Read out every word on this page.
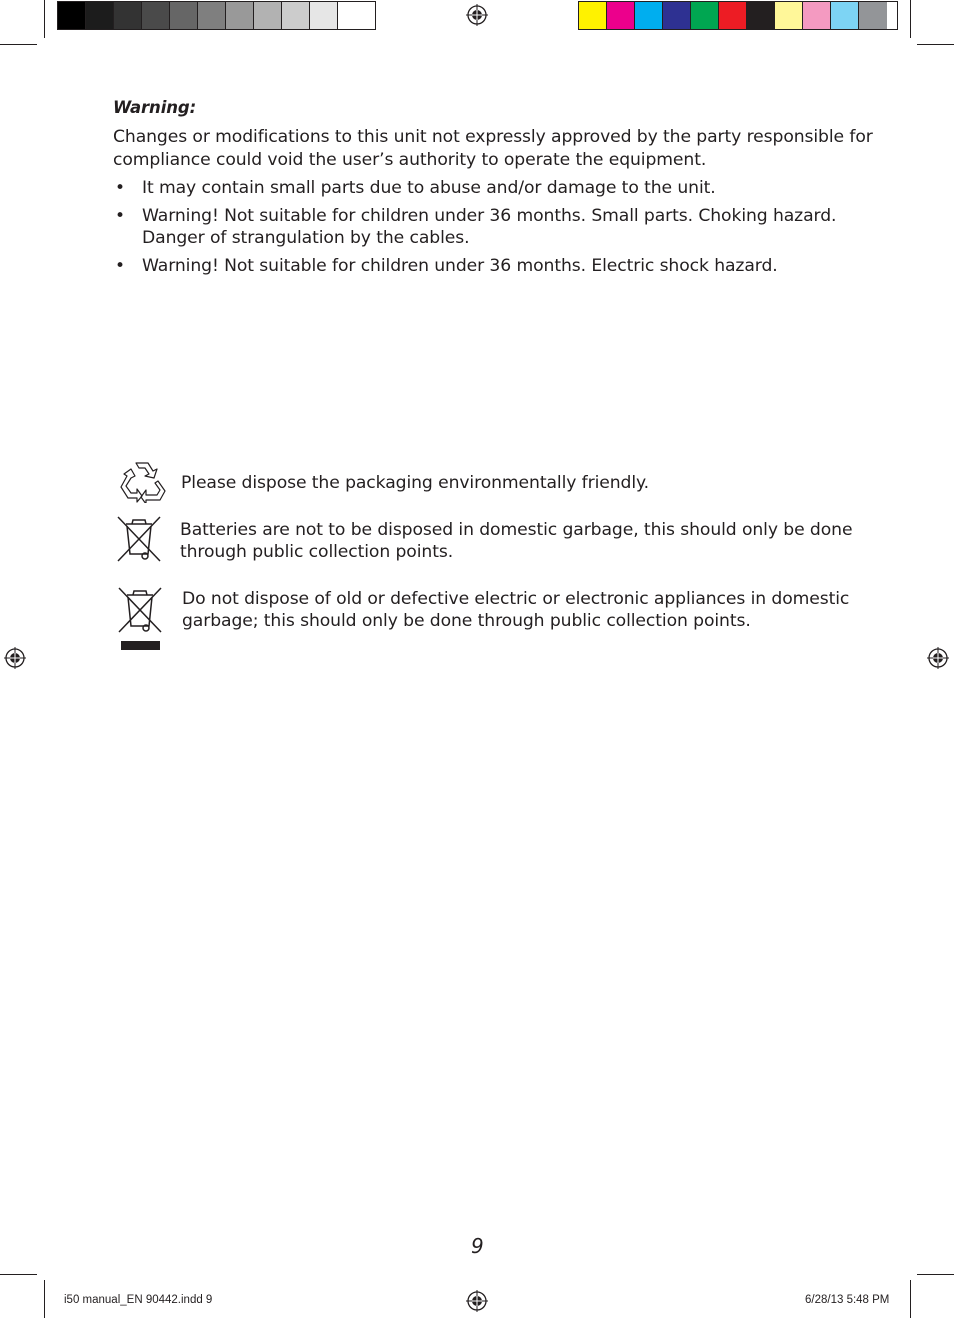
Warning:
Changes or modifications to this unit not expressly approved by the party responsible for
compliance could void the user’s authority to operate the equipment.
• It may contain small parts due to abuse and/or damage to the unit.
• Warning! Not suitable for children under 36 months. Small parts. Choking hazard.
Danger of strangulation by the cables.
• Warning! Not suitable for children under 36 months. Electric shock hazard.
Please dispose the packaging environmentally friendly.
Batteries are not to be disposed in domestic garbage, this should only be done
through public collection points.
Do not dispose of old or defective electric or electronic appliances in domestic
garbage; this should only be done through public collection points.
9
i50 manual_EN 90442.indd 9	6/28/13 5:48 PM
